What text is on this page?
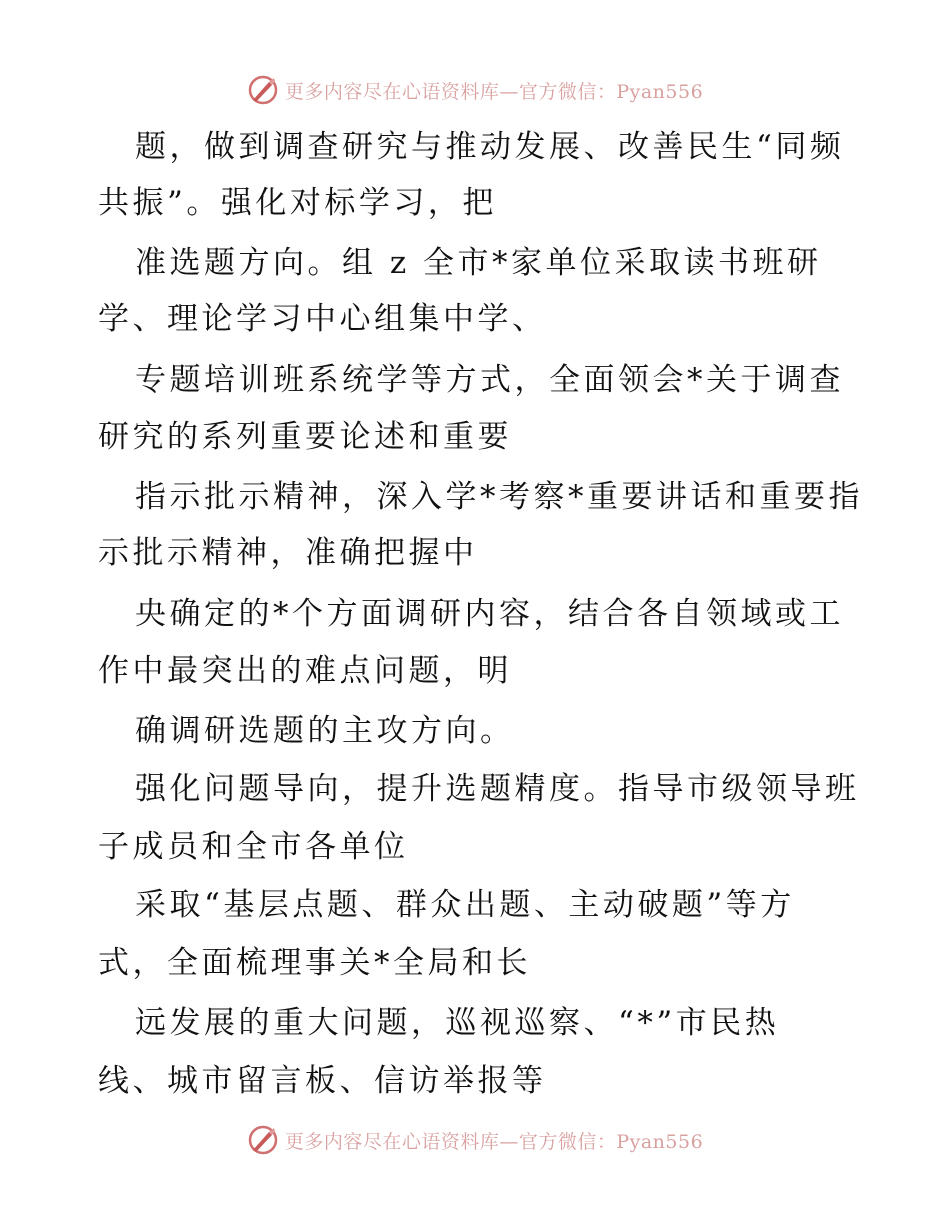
更多内容尽在心语资料库—官方微信：Pyan556
题，做到调查研究与推动发展、改善民生“同频
共振”。强化对标学习，把
准选题方向。组 z 全市*家单位采取读书班研
学、理论学习中心组集中学、
专题培训班系统学等方式，全面领会*关于调查
研究的系列重要论述和重要
指示批示精神，深入学*考察*重要讲话和重要指
示批示精神，准确把握中
央确定的*个方面调研内容，结合各自领域或工
作中最突出的难点问题，明
确调研选题的主攻方向。
强化问题导向，提升选题精度。指导市级领导班
子成员和全市各单位
采取“基层点题、群众出题、主动破题”等方
式，全面梳理事关*全局和长
远发展的重大问题，巡视巡察、“*”市民热
线、城市留言板、信访举报等
更多内容尽在心语资料库—官方微信：Pyan556
